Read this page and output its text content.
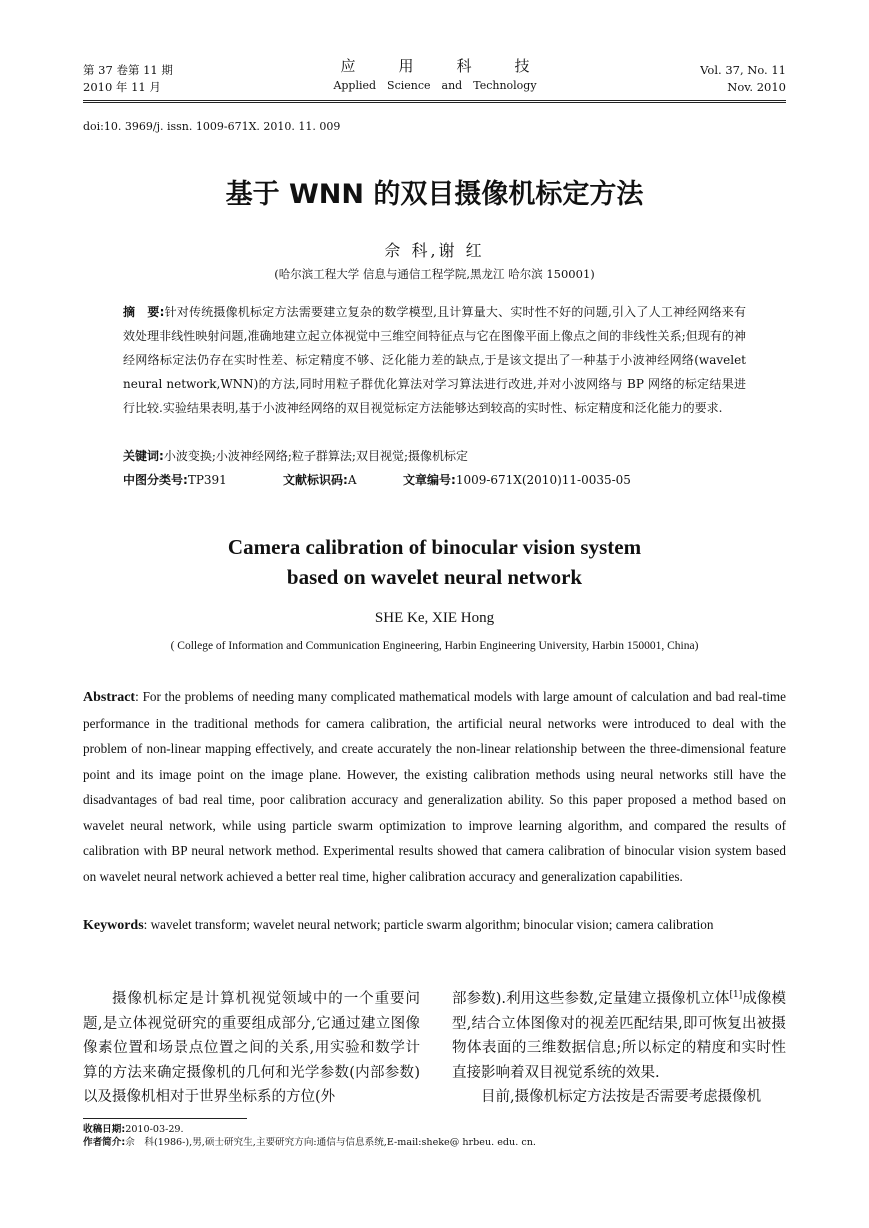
第 37 卷第 11 期
2010 年 11 月
应	用	科	技
Applied　Science　and　Technology
Vol. 37, No. 11
Nov. 2010
doi:10. 3969/j. issn. 1009-671X. 2010. 11. 009
基于 WNN 的双目摄像机标定方法
佘 科,谢 红
(哈尔滨工程大学 信息与通信工程学院,黑龙江 哈尔滨 150001)
摘　要:针对传统摄像机标定方法需要建立复杂的数学模型,且计算量大、实时性不好的问题,引入了人工神经网络来有效处理非线性映射问题,准确地建立起立体视觉中三维空间特征点与它在图像平面上像点之间的非线性关系;但现有的神经网络标定法仍存在实时性差、标定精度不够、泛化能力差的缺点,于是该文提出了一种基于小波神经网络(wavelet neural network,WNN)的方法,同时用粒子群优化算法对学习算法进行改进,并对小波网络与 BP 网络的标定结果进行比较.实验结果表明,基于小波神经网络的双目视觉标定方法能够达到较高的实时性、标定精度和泛化能力的要求.
关键词:小波变换;小波神经网络;粒子群算法;双目视觉;摄像机标定
中图分类号:TP391	文献标识码:A	文章编号:1009-671X(2010)11-0035-05
Camera calibration of binocular vision system
based on wavelet neural network
SHE Ke, XIE Hong
( College of Information and Communication Engineering, Harbin Engineering University, Harbin 150001, China)
Abstract: For the problems of needing many complicated mathematical models with large amount of calculation and bad real-time performance in the traditional methods for camera calibration, the artificial neural networks were introduced to deal with the problem of non-linear mapping effectively, and create accurately the non-linear relationship between the three-dimensional feature point and its image point on the image plane. However, the existing calibration methods using neural networks still have the disadvantages of bad real time, poor calibration accuracy and generalization ability. So this paper proposed a method based on wavelet neural network, while using particle swarm optimization to improve learning algorithm, and compared the results of calibration with BP neural network method. Experimental results showed that camera calibration of binocular vision system based on wavelet neural network achieved a better real time, higher calibration accuracy and generalization capabilities.
Keywords: wavelet transform; wavelet neural network; particle swarm algorithm; binocular vision; camera calibration
摄像机标定是计算机视觉领域中的一个重要问题,是立体视觉研究的重要组成部分,它通过建立图像像素位置和场景点位置之间的关系,用实验和数学计算的方法来确定摄像机的几何和光学参数(内部参数)以及摄像机相对于世界坐标系的方位(外

部参数).利用这些参数,定量建立摄像机立体[1]成像模型,结合立体图像对的视差匹配结果,即可恢复出被摄物体表面的三维数据信息;所以标定的精度和实时性直接影响着双目视觉系统的效果.

目前,摄像机标定方法按是否需要考虑摄像机

收稿日期:2010-03-29.
作者简介:佘　科(1986-),男,硕士研究生,主要研究方向:通信与信息系统,E-mail:sheke@ hrbeu. edu. cn.
